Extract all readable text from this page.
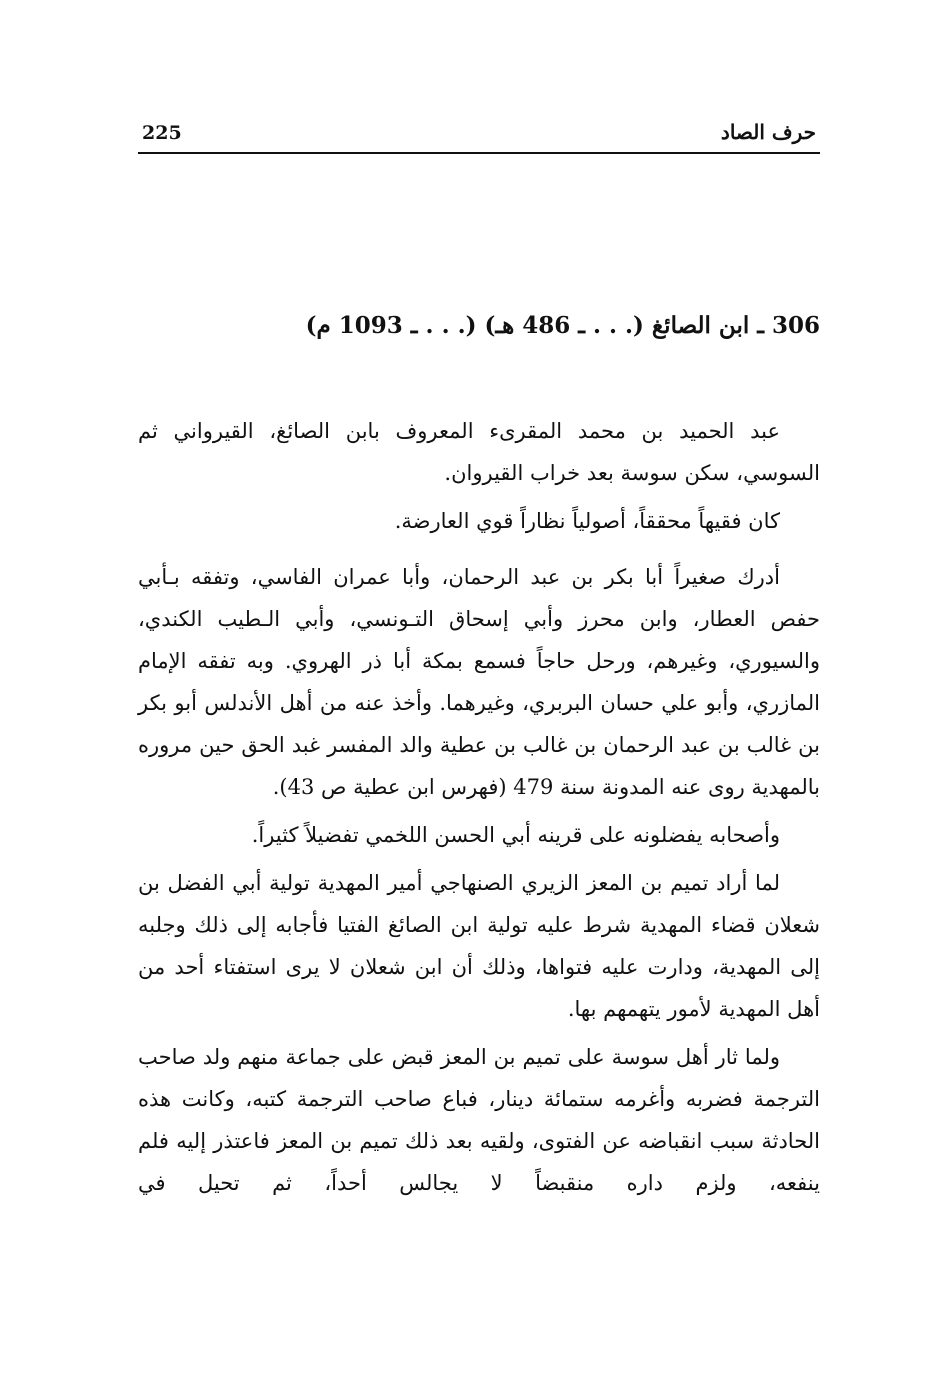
225	حرف الصاد
306 ـ ابن الصائغ (. . . ـ 486 هـ) (. . . ـ 1093 م)

عبد الحميد بن محمد المقرىء المعروف بابن الصائغ، القيرواني ثم السوسي، سكن سوسة بعد خراب القيروان.

كان فقيهاً محققاً، أصولياً نظاراً قوي العارضة.

أدرك صغيراً أبا بكر بن عبد الرحمان، وأبا عمران الفاسي، وتفقه بـأبي حفص العطار، وابن محرز وأبي إسحاق التـونسي، وأبي الـطيب الكندي، والسيوري، وغيرهم، ورحل حاجاً فسمع بمكة أبا ذر الهروي. وبه تفقه الإمام المازري، وأبو علي حسان البربري، وغيرهما. وأخذ عنه من أهل الأندلس أبو بكر بن غالب بن عبد الرحمان بن غالب بن عطية والد المفسر غبد الحق حين مروره بالمهدية روى عنه المدونة سنة 479 (فهرس ابن عطية ص 43).

وأصحابه يفضلونه على قرينه أبي الحسن اللخمي تفضيلاً كثيراً.

لما أراد تميم بن المعز الزيري الصنهاجي أمير المهدية تولية أبي الفضل بن شعلان قضاء المهدية شرط عليه تولية ابن الصائغ الفتيا فأجابه إلى ذلك وجلبه إلى المهدية، ودارت عليه فتواها، وذلك أن ابن شعلان لا يرى استفتاء أحد من أهل المهدية لأمور يتهمهم بها.

ولما ثار أهل سوسة على تميم بن المعز قبض على جماعة منهم ولد صاحب الترجمة فضربه وأغرمه ستمائة دينار، فباع صاحب الترجمة كتبه، وكانت هذه الحادثة سبب انقباضه عن الفتوى، ولقيه بعد ذلك تميم بن المعز فاعتذر إليه فلم ينفعه، ولزم داره منقبضاً لا يجالس أحداً، ثم تحيل في
